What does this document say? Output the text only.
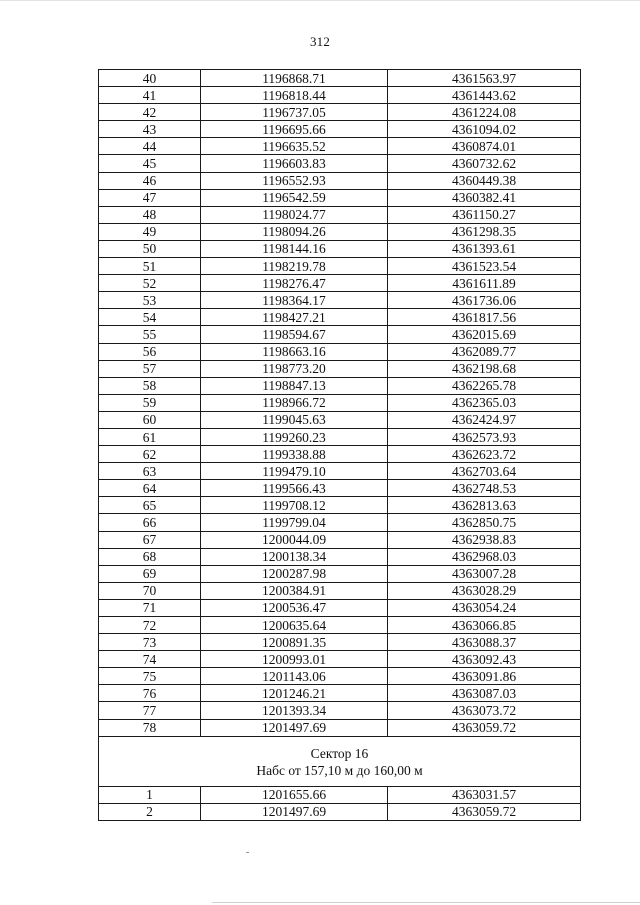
312
40	1196868.71	4361563.97
41	1196818.44	4361443.62
42	1196737.05	4361224.08
43	1196695.66	4361094.02
44	1196635.52	4360874.01
45	1196603.83	4360732.62
46	1196552.93	4360449.38
47	1196542.59	4360382.41
48	1198024.77	4361150.27
49	1198094.26	4361298.35
50	1198144.16	4361393.61
51	1198219.78	4361523.54
52	1198276.47	4361611.89
53	1198364.17	4361736.06
54	1198427.21	4361817.56
55	1198594.67	4362015.69
56	1198663.16	4362089.77
57	1198773.20	4362198.68
58	1198847.13	4362265.78
59	1198966.72	4362365.03
60	1199045.63	4362424.97
61	1199260.23	4362573.93
62	1199338.88	4362623.72
63	1199479.10	4362703.64
64	1199566.43	4362748.53
65	1199708.12	4362813.63
66	1199799.04	4362850.75
67	1200044.09	4362938.83
68	1200138.34	4362968.03
69	1200287.98	4363007.28
70	1200384.91	4363028.29
71	1200536.47	4363054.24
72	1200635.64	4363066.85
73	1200891.35	4363088.37
74	1200993.01	4363092.43
75	1201143.06	4363091.86
76	1201246.21	4363087.03
77	1201393.34	4363073.72
78	1201497.69	4363059.72

Сектор 16
Набс от 157,10 м до 160,00 м		

1	1201655.66	4363031.57
2	1201497.69	4363059.72
